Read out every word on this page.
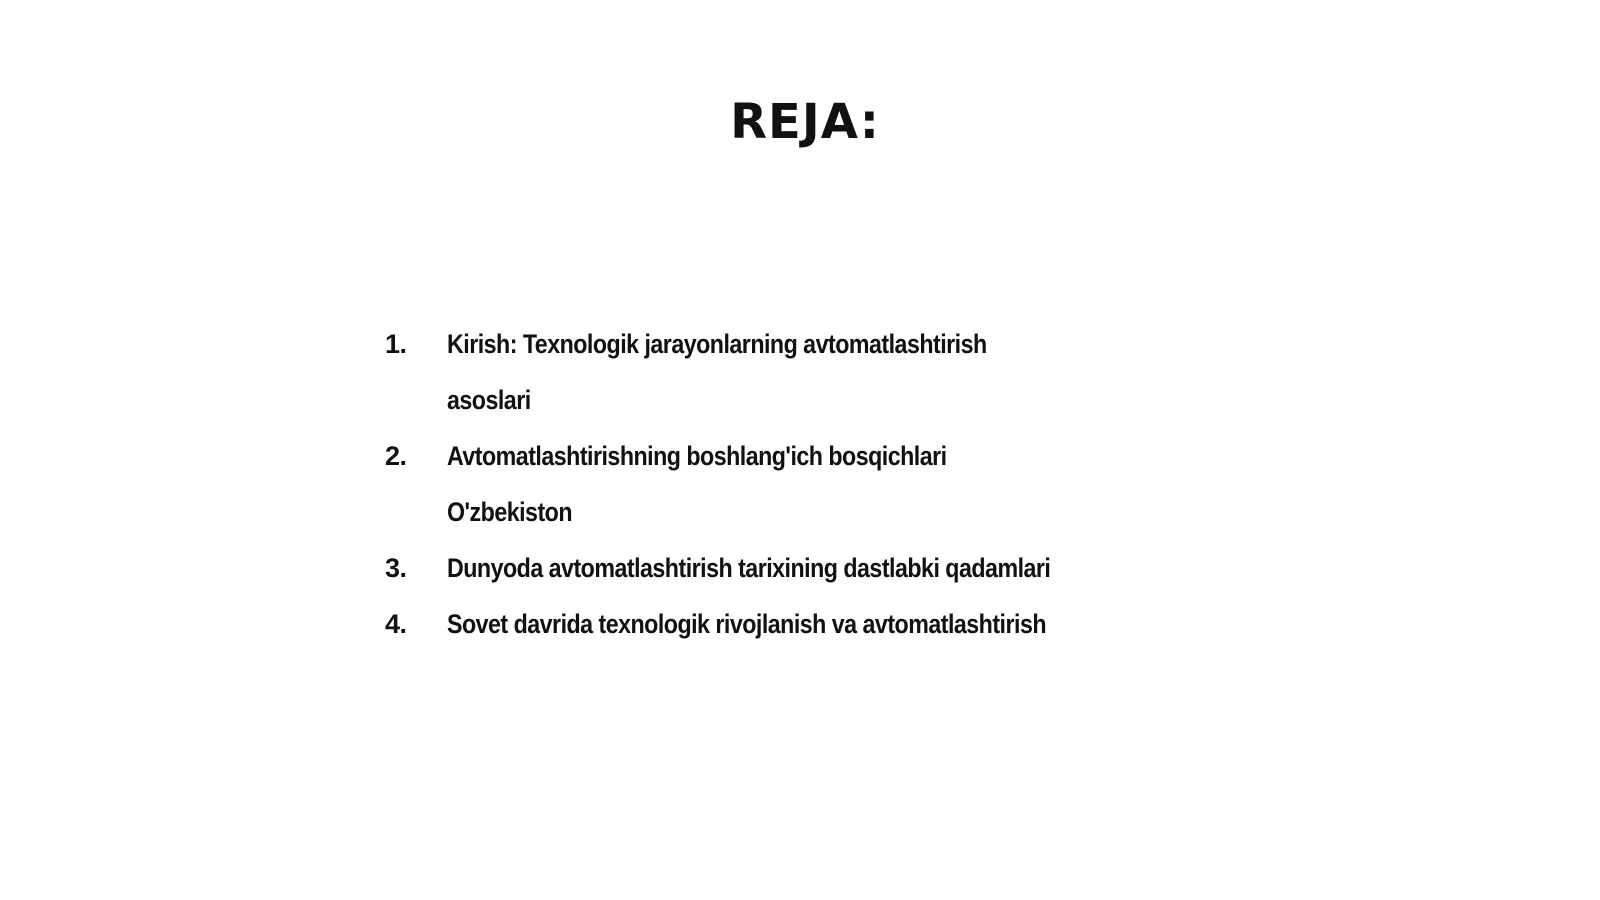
REJA:
1.	Kirish: Texnologik jarayonlarning avtomatlashtirish
asoslari
2.	Avtomatlashtirishning boshlang'ich bosqichlari
O'zbekiston
3.	Dunyoda avtomatlashtirish tarixining dastlabki qadamlari
4.	Sovet davrida texnologik rivojlanish va avtomatlashtirish
